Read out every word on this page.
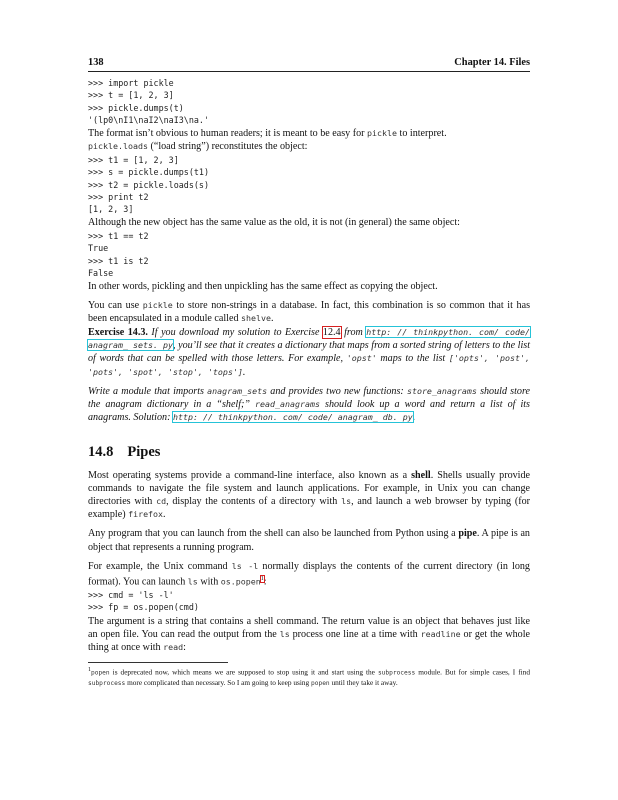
138	Chapter 14. Files
>>> import pickle
>>> t = [1, 2, 3]
>>> pickle.dumps(t)
'(lp0\nI1\naI2\naI3\na.'

The format isn’t obvious to human readers; it is meant to be easy for pickle to interpret.
pickle.loads (“load string”) reconstitutes the object:

>>> t1 = [1, 2, 3]
>>> s = pickle.dumps(t1)
>>> t2 = pickle.loads(s)
>>> print t2
[1, 2, 3]

Although the new object has the same value as the old, it is not (in general) the same object:

>>> t1 == t2
True
>>> t1 is t2
False

In other words, pickling and then unpickling has the same effect as copying the object.

You can use pickle to store non-strings in a database. In fact, this combination is so common that it has been encapsulated in a module called shelve.

Exercise 14.3. If you download my solution to Exercise 12.4 from http: // thinkpython. com/ code/ anagram_ sets. py, you’ll see that it creates a dictionary that maps from a sorted string of letters to the list of words that can be spelled with those letters. For example, 'opst' maps to the list ['opts', 'post', 'pots', 'spot', 'stop', 'tops'].

Write a module that imports anagram_sets and provides two new functions: store_anagrams should store the anagram dictionary in a “shelf;” read_anagrams should look up a word and return a list of its anagrams. Solution: http: // thinkpython. com/ code/ anagram_ db. py.

14.8 Pipes

Most operating systems provide a command-line interface, also known as a shell. Shells usually provide commands to navigate the file system and launch applications. For example, in Unix you can change directories with cd, display the contents of a directory with ls, and launch a web browser by typing (for example) firefox.

Any program that you can launch from the shell can also be launched from Python using a pipe. A pipe is an object that represents a running program.

For example, the Unix command ls -l normally displays the contents of the current directory (in long format). You can launch ls with os.popen$^1$:

>>> cmd = 'ls -l'
>>> fp = os.popen(cmd)

The argument is a string that contains a shell command. The return value is an object that behaves just like an open file. You can read the output from the ls process one line at a time with readline or get the whole thing at once with read:

$^1$popen is deprecated now, which means we are supposed to stop using it and start using the subprocess module. But for simple cases, I find subprocess more complicated than necessary. So I am going to keep using popen until they take it away.
